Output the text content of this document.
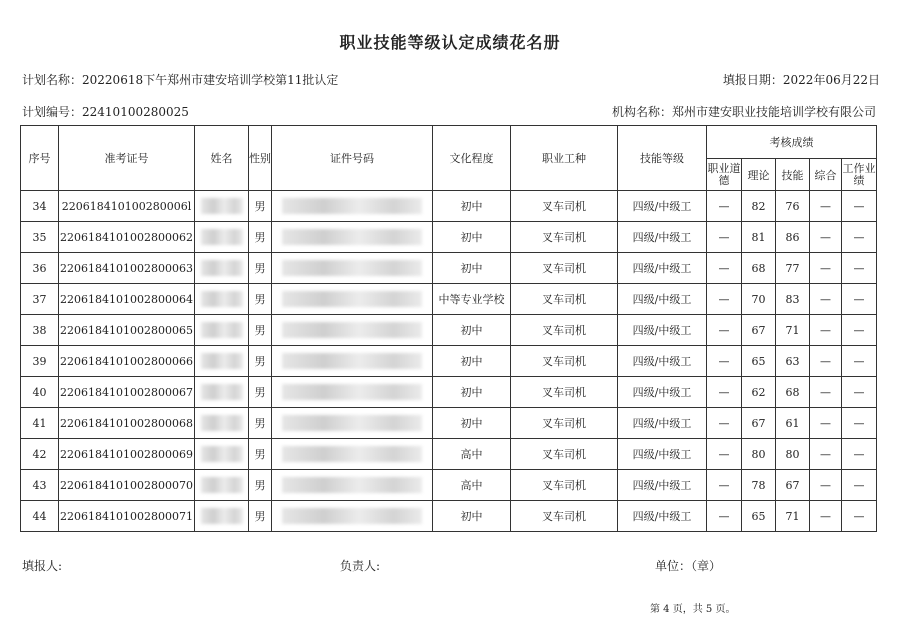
职业技能等级认定成绩花名册
计划名称：20220618下午郑州市建安培训学校第11批认定	填报日期：2022年06月22日
计划编号：22410100280025	机构名称：郑州市建安职业技能培训学校有限公司
序号	准考证号	姓名	性别	证件号码	文化程度	职业工种	技能等级	考核成绩				
								职业道德	理论	技能	综合	工作业绩
34	220618410100280006l		男		初中	叉车司机	四级/中级工	—	82	76	—	—
35	2206184101002800062		男		初中	叉车司机	四级/中级工	—	81	86	—	—
36	2206184101002800063		男		初中	叉车司机	四级/中级工	—	68	77	—	—
37	2206184101002800064		男		中等专业学校	叉车司机	四级/中级工	—	70	83	—	—
38	2206184101002800065		男		初中	叉车司机	四级/中级工	—	67	71	—	—
39	2206184101002800066		男		初中	叉车司机	四级/中级工	—	65	63	—	—
40	2206184101002800067		男		初中	叉车司机	四级/中级工	—	62	68	—	—
41	2206184101002800068		男		初中	叉车司机	四级/中级工	—	67	61	—	—
42	2206184101002800069		男		高中	叉车司机	四级/中级工	—	80	80	—	—
43	2206184101002800070		男		高中	叉车司机	四级/中级工	—	78	67	—	—
44	2206184101002800071		男		初中	叉车司机	四级/中级工	—	65	71	—	—
填报人:	负责人:	单位：（章）
第 4 页，共 5 页。
